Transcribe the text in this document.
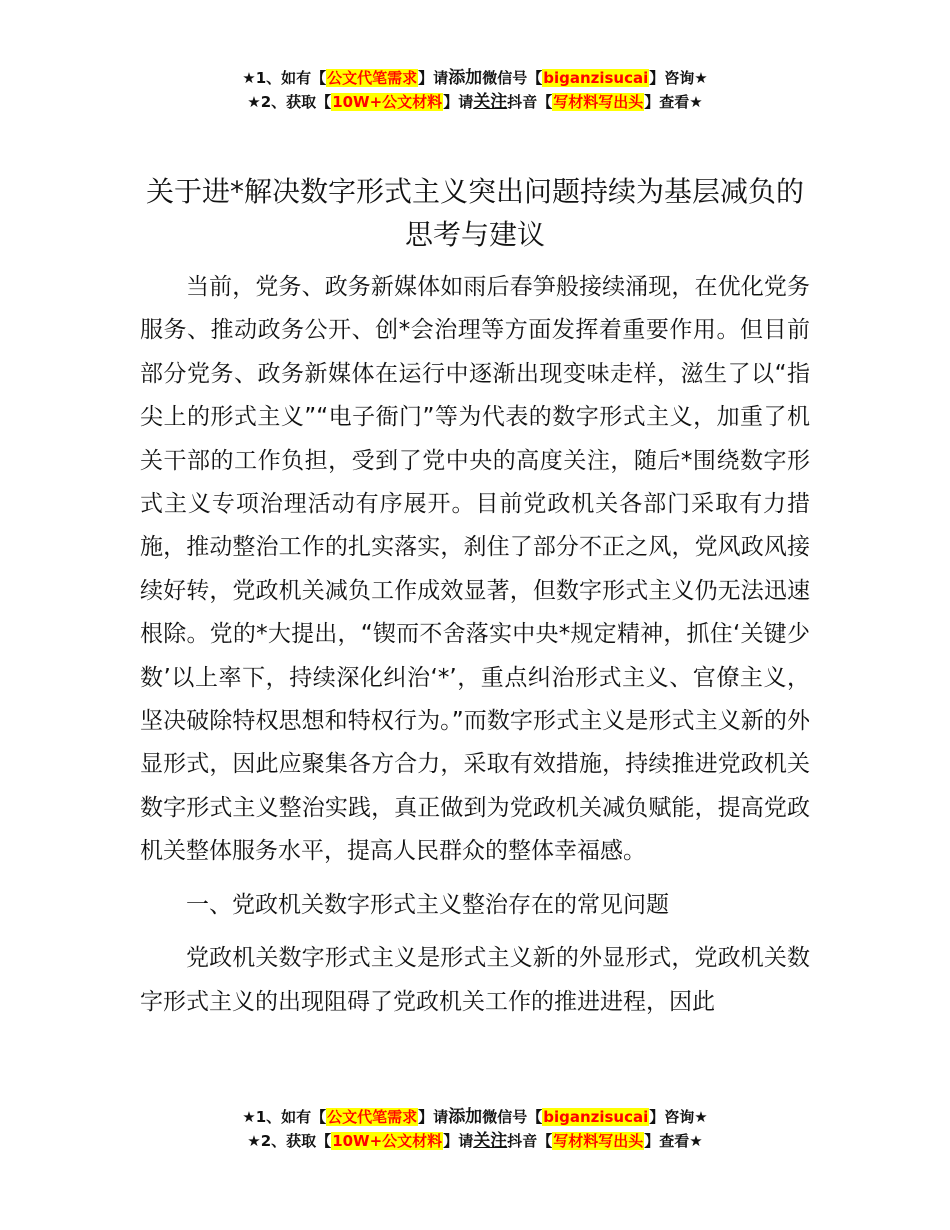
★1、如有【公文代笔需求】请添加微信号【biganzisucai】咨询★
★2、获取【10W+公文材料】请关注抖音【写材料写出头】查看★
关于进*解决数字形式主义突出问题持续为基层减负的思考与建议

当前，党务、政务新媒体如雨后春笋般接续涌现，在优化党务服务、推动政务公开、创*会治理等方面发挥着重要作用。但目前部分党务、政务新媒体在运行中逐渐出现变味走样，滋生了以“指尖上的形式主义”“电子衙门”等为代表的数字形式主义，加重了机关干部的工作负担，受到了党中央的高度关注，随后*围绕数字形式主义专项治理活动有序展开。目前党政机关各部门采取有力措施，推动整治工作的扎实落实，刹住了部分不正之风，党风政风接续好转，党政机关减负工作成效显著，但数字形式主义仍无法迅速根除。党的*大提出，“锲而不舍落实中央*规定精神，抓住‘关键少数’以上率下，持续深化纠治‘*’，重点纠治形式主义、官僚主义，坚决破除特权思想和特权行为。”而数字形式主义是形式主义新的外显形式，因此应聚集各方合力，采取有效措施，持续推进党政机关数字形式主义整治实践，真正做到为党政机关减负赋能，提高党政机关整体服务水平，提高人民群众的整体幸福感。

一、党政机关数字形式主义整治存在的常见问题

党政机关数字形式主义是形式主义新的外显形式，党政机关数字形式主义的出现阻碍了党政机关工作的推进进程，因此

★1、如有【公文代笔需求】请添加微信号【biganzisucai】咨询★
★2、获取【10W+公文材料】请关注抖音【写材料写出头】查看★
